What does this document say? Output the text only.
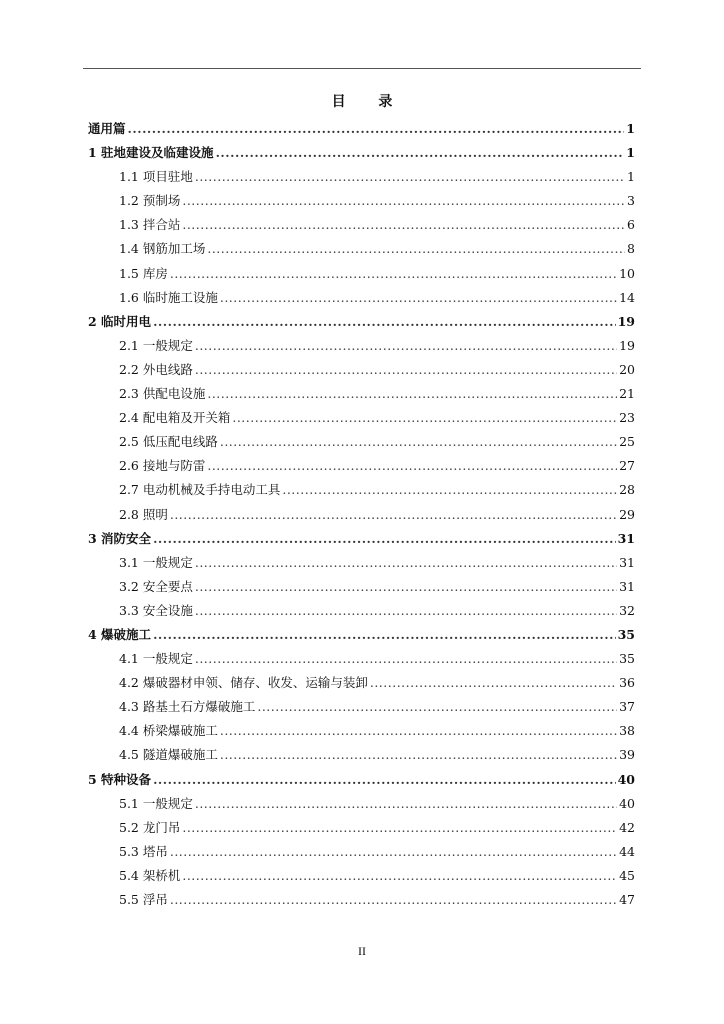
目 录
通用篇 .....	1
1 驻地建设及临建设施 .....	1
1.1 项目驻地 .....	1
1.2 预制场 .....	3
1.3 拌合站 .....	6
1.4 钢筋加工场 .....	8
1.5 库房 .....	10
1.6 临时施工设施 .....	14
2 临时用电 .....	19
2.1 一般规定 .....	19
2.2 外电线路 .....	20
2.3 供配电设施 .....	21
2.4 配电箱及开关箱 .....	23
2.5 低压配电线路 .....	25
2.6 接地与防雷 .....	27
2.7 电动机械及手持电动工具 .....	28
2.8 照明 .....	29
3 消防安全 .....	31
3.1 一般规定 .....	31
3.2 安全要点 .....	31
3.3 安全设施 .....	32
4 爆破施工 .....	35
4.1 一般规定 .....	35
4.2 爆破器材申领、储存、收发、运输与装卸 .....	36
4.3 路基土石方爆破施工 .....	37
4.4 桥梁爆破施工 .....	38
4.5 隧道爆破施工 .....	39
5 特种设备 .....	40
5.1 一般规定 .....	40
5.2 龙门吊 .....	42
5.3 塔吊 .....	44
5.4 架桥机 .....	45
5.5 浮吊 .....	47
II
